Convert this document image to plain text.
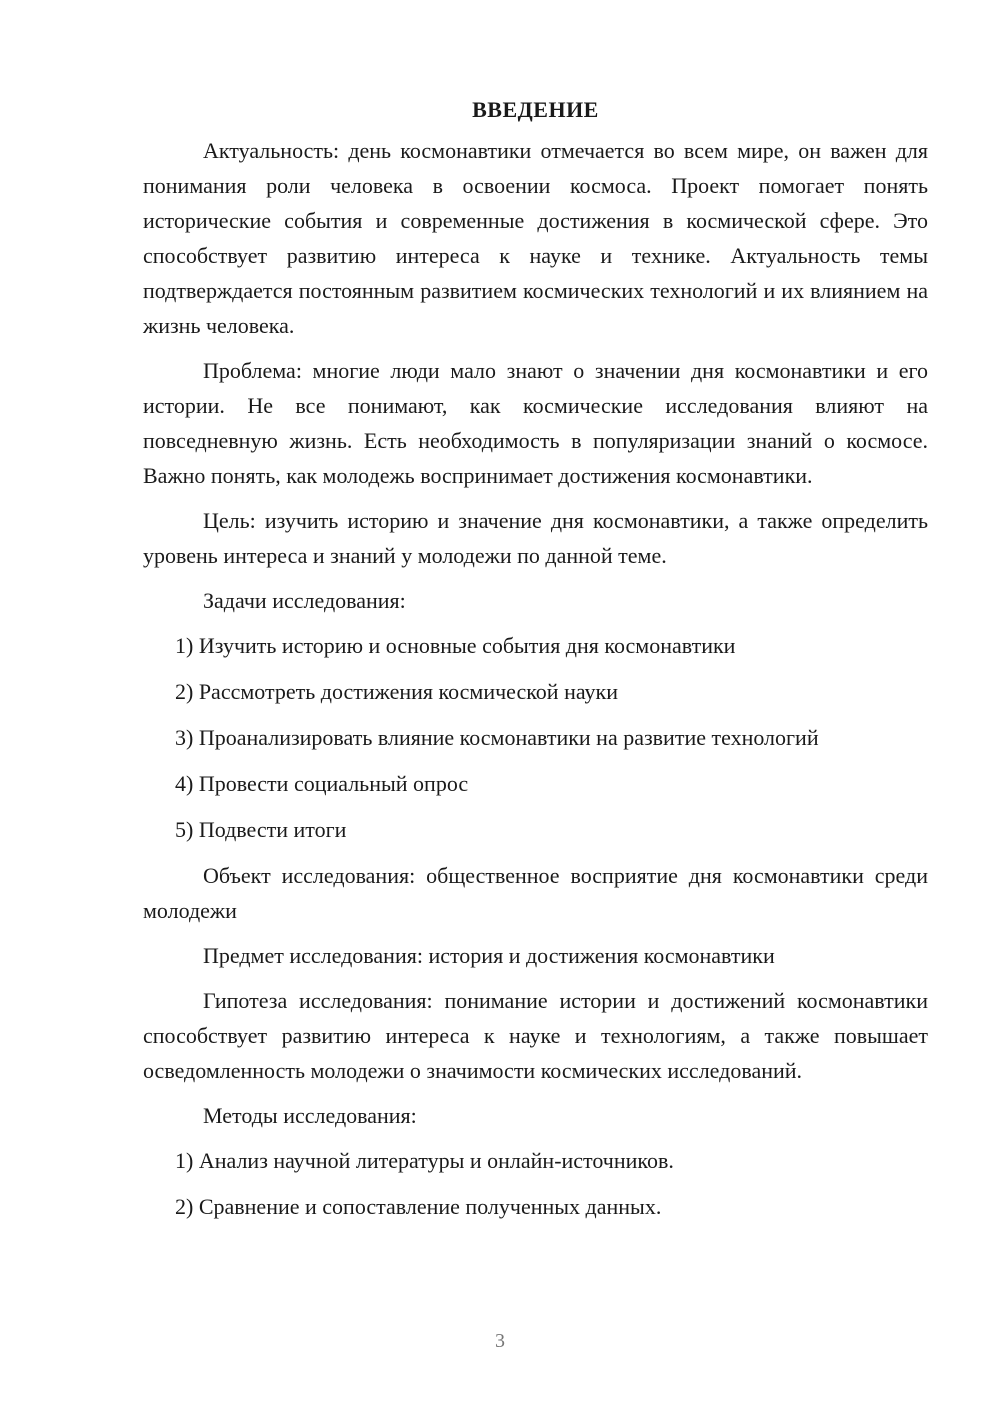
ВВЕДЕНИЕ

Актуальность: день космонавтики отмечается во всем мире, он важен для понимания роли человека в освоении космоса. Проект помогает понять исторические события и современные достижения в космической сфере. Это способствует развитию интереса к науке и технике. Актуальность темы подтверждается постоянным развитием космических технологий и их влиянием на жизнь человека.

Проблема: многие люди мало знают о значении дня космонавтики и его истории. Не все понимают, как космические исследования влияют на повседневную жизнь. Есть необходимость в популяризации знаний о космосе. Важно понять, как молодежь воспринимает достижения космонавтики.

Цель: изучить историю и значение дня космонавтики, а также определить уровень интереса и знаний у молодежи по данной теме.

Задачи исследования:

1) Изучить историю и основные события дня космонавтики
2) Рассмотреть достижения космической науки
3) Проанализировать влияние космонавтики на развитие технологий
4) Провести социальный опрос
5) Подвести итоги

Объект исследования: общественное восприятие дня космонавтики среди молодежи

Предмет исследования: история и достижения космонавтики

Гипотеза исследования: понимание истории и достижений космонавтики способствует развитию интереса к науке и технологиям, а также повышает осведомленность молодежи о значимости космических исследований.

Методы исследования:

1) Анализ научной литературы и онлайн-источников.
2) Сравнение и сопоставление полученных данных.
3
